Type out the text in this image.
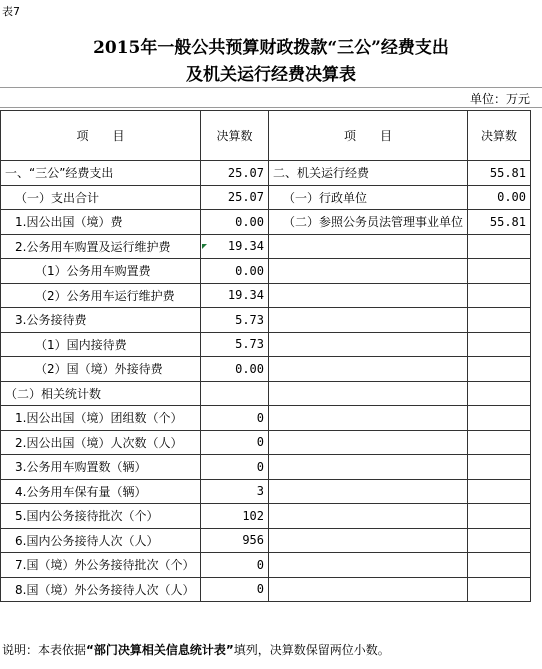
表7
2015年一般公共预算财政拨款“三公”经费支出
及机关运行经费决算表
单位：万元
项　　目	决算数	项　　目	决算数
一、“三公”经费支出	25.07	二、机关运行经费	55.81
（一）支出合计	25.07	（一）行政单位	0.00
1.因公出国（境）费	0.00	（二）参照公务员法管理事业单位	55.81
2.公务用车购置及运行维护费	19.34		
（1）公务用车购置费	0.00		
（2）公务用车运行维护费	19.34		
3.公务接待费	5.73		
（1）国内接待费	5.73		
（2）国（境）外接待费	0.00		
（二）相关统计数			
1.因公出国（境）团组数（个）	0		
2.因公出国（境）人次数（人）	0		
3.公务用车购置数（辆）	0		
4.公务用车保有量（辆）	3		
5.国内公务接待批次（个）	102		
6.国内公务接待人次（人）	956		
7.国（境）外公务接待批次（个）	0		
8.国（境）外公务接待人次（人）	0		
说明：本表依据“部门决算相关信息统计表”填列，决算数保留两位小数。
